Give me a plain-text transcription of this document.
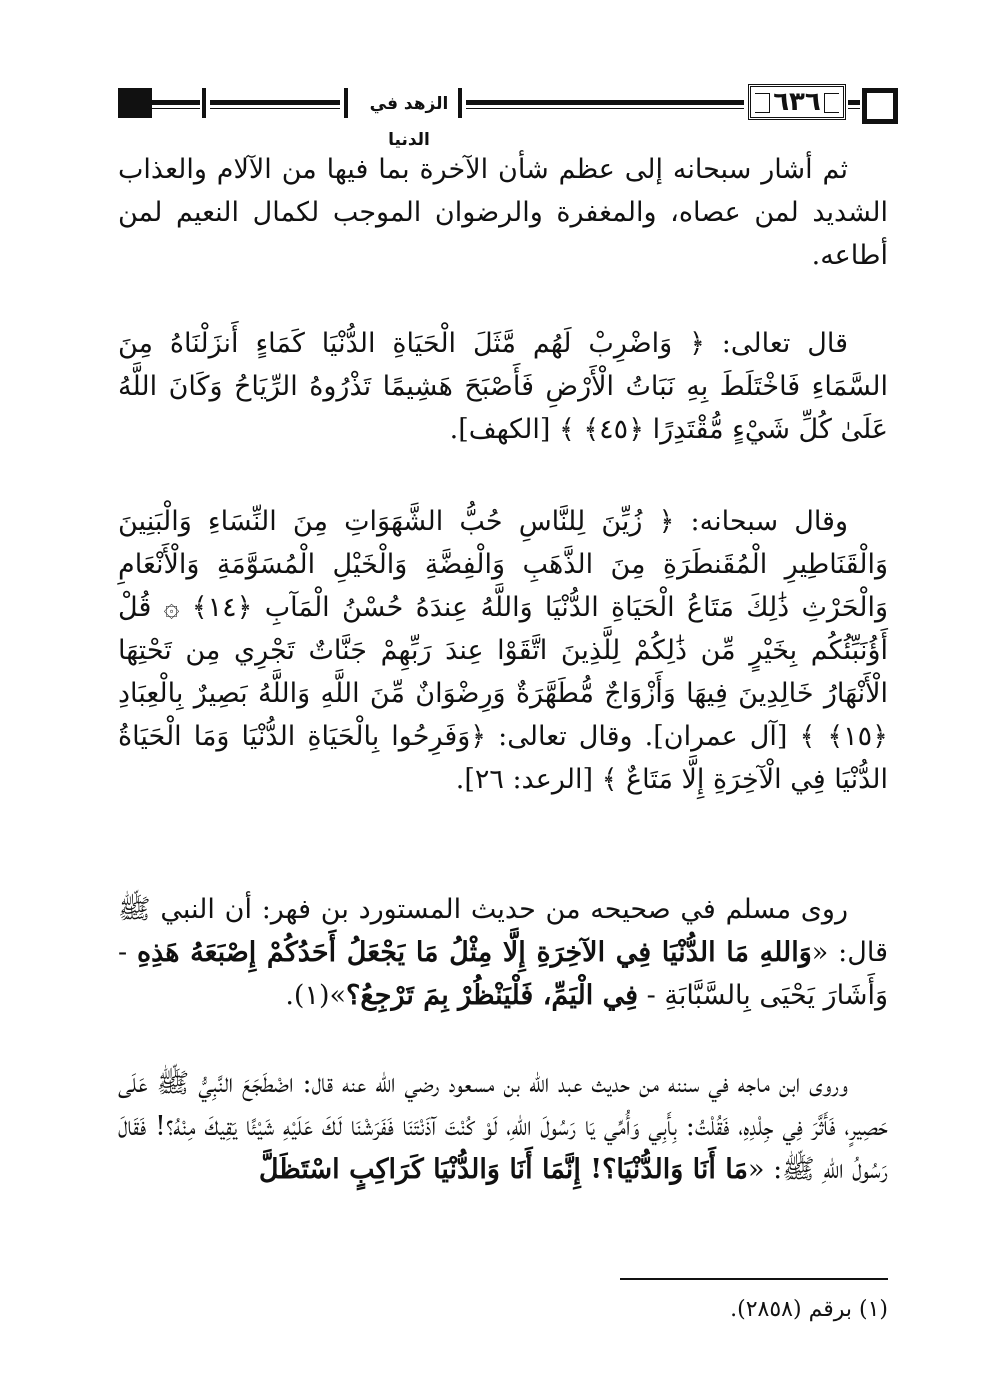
الزهد في الدنيا
٦٣٦

ثم أشار سبحانه إلى عظم شأن الآخرة بما فيها من الآلام والعذاب الشديد لمن عصاه، والمغفرة والرضوان الموجب لكمال النعيم لمن أطاعه.

قال تعالى: ﴿ وَاضْرِبْ لَهُم مَّثَلَ الْحَيَاةِ الدُّنْيَا كَمَاءٍ أَنزَلْنَاهُ مِنَ السَّمَاءِ فَاخْتَلَطَ بِهِ نَبَاتُ الْأَرْضِ فَأَصْبَحَ هَشِيمًا تَذْرُوهُ الرِّيَاحُ وَكَانَ اللَّهُ عَلَىٰ كُلِّ شَيْءٍ مُّقْتَدِرًا ﴿٤٥﴾ ﴾ [الكهف].

وقال سبحانه: ﴿ زُيِّنَ لِلنَّاسِ حُبُّ الشَّهَوَاتِ مِنَ النِّسَاءِ وَالْبَنِينَ وَالْقَنَاطِيرِ الْمُقَنطَرَةِ مِنَ الذَّهَبِ وَالْفِضَّةِ وَالْخَيْلِ الْمُسَوَّمَةِ وَالْأَنْعَامِ وَالْحَرْثِ ذَٰلِكَ مَتَاعُ الْحَيَاةِ الدُّنْيَا وَاللَّهُ عِندَهُ حُسْنُ الْمَآبِ ﴿١٤﴾ ۞ قُلْ أَؤُنَبِّئُكُم بِخَيْرٍ مِّن ذَٰلِكُمْ لِلَّذِينَ اتَّقَوْا عِندَ رَبِّهِمْ جَنَّاتٌ تَجْرِي مِن تَحْتِهَا الْأَنْهَارُ خَالِدِينَ فِيهَا وَأَزْوَاجٌ مُّطَهَّرَةٌ وَرِضْوَانٌ مِّنَ اللَّهِ وَاللَّهُ بَصِيرٌ بِالْعِبَادِ ﴿١٥﴾ ﴾ [آل عمران]. وقال تعالى: ﴿وَفَرِحُوا بِالْحَيَاةِ الدُّنْيَا وَمَا الْحَيَاةُ الدُّنْيَا فِي الْآخِرَةِ إِلَّا مَتَاعٌ ﴾ [الرعد: ٢٦].

روى مسلم في صحيحه من حديث المستورد بن فهر: أن النبي ﷺ قال: «وَاللهِ مَا الدُّنْيَا فِي الآخِرَةِ إِلَّا مِثْلُ مَا يَجْعَلُ أَحَدُكُمْ إِصْبَعَهُ هَذِهِ - وَأَشَارَ يَحْيَى بِالسَّبَّابَةِ - فِي الْيَمِّ، فَلْيَنْظُرْ بِمَ تَرْجِعُ؟»(١).

وروى ابن ماجه في سننه من حديث عبد الله بن مسعود رضي الله عنه قال: اضْطَجَعَ النَّبِيُّ ﷺ عَلَى حَصِيرٍ، فَأَثَّرَ فِي جِلْدِهِ، فَقُلْتُ: بِأَبِي وَأُمِّي يَا رَسُولَ اللهِ، لَوْ كُنْتَ آذَنْتَنَا فَفَرَشْنَا لَكَ عَلَيْهِ شَيْئًا يَقِيكَ مِنْهُ؟! فَقَالَ رَسُولُ اللهِ ﷺ: «مَا أَنَا وَالدُّنْيَا؟! إِنَّمَا أَنَا وَالدُّنْيَا كَرَاكِبٍ اسْتَظَلَّ

(١) برقم (٢٨٥٨).
